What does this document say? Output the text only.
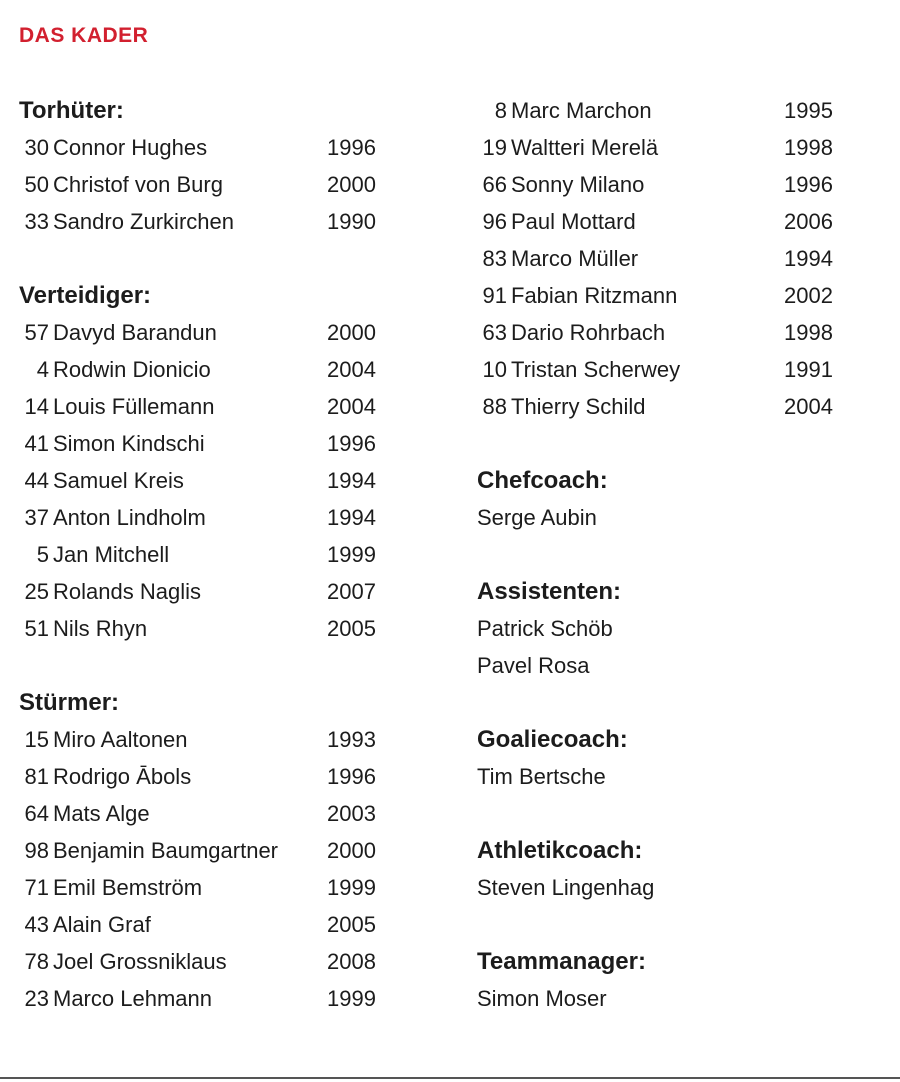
DAS KADER
Torhüter:
30 Connor Hughes	1996
50 Christof von Burg	2000
33 Sandro Zurkirchen	1990
Verteidiger:
57 Davyd Barandun	2000
4 Rodwin Dionicio	2004
14 Louis Füllemann	2004
41 Simon Kindschi	1996
44 Samuel Kreis	1994
37 Anton Lindholm	1994
5 Jan Mitchell	1999
25 Rolands Naglis	2007
51 Nils Rhyn	2005
Stürmer:
15 Miro Aaltonen	1993
81 Rodrigo Ābols	1996
64 Mats Alge	2003
98 Benjamin Baumgartner 2000
71 Emil Bemström	1999
43 Alain Graf	2005
78 Joel Grossniklaus	2008
23 Marco Lehmann	1999
8 Marc Marchon	1995
19 Waltteri Merelä	1998
66 Sonny Milano	1996
96 Paul Mottard	2006
83 Marco Müller	1994
91 Fabian Ritzmann	2002
63 Dario Rohrbach	1998
10 Tristan Scherwey	1991
88 Thierry Schild	2004
Chefcoach:
Serge Aubin
Assistenten:
Patrick Schöb
Pavel Rosa
Goaliecoach:
Tim Bertsche
Athletikcoach:
Steven Lingenhag
Teammanager:
Simon Moser
